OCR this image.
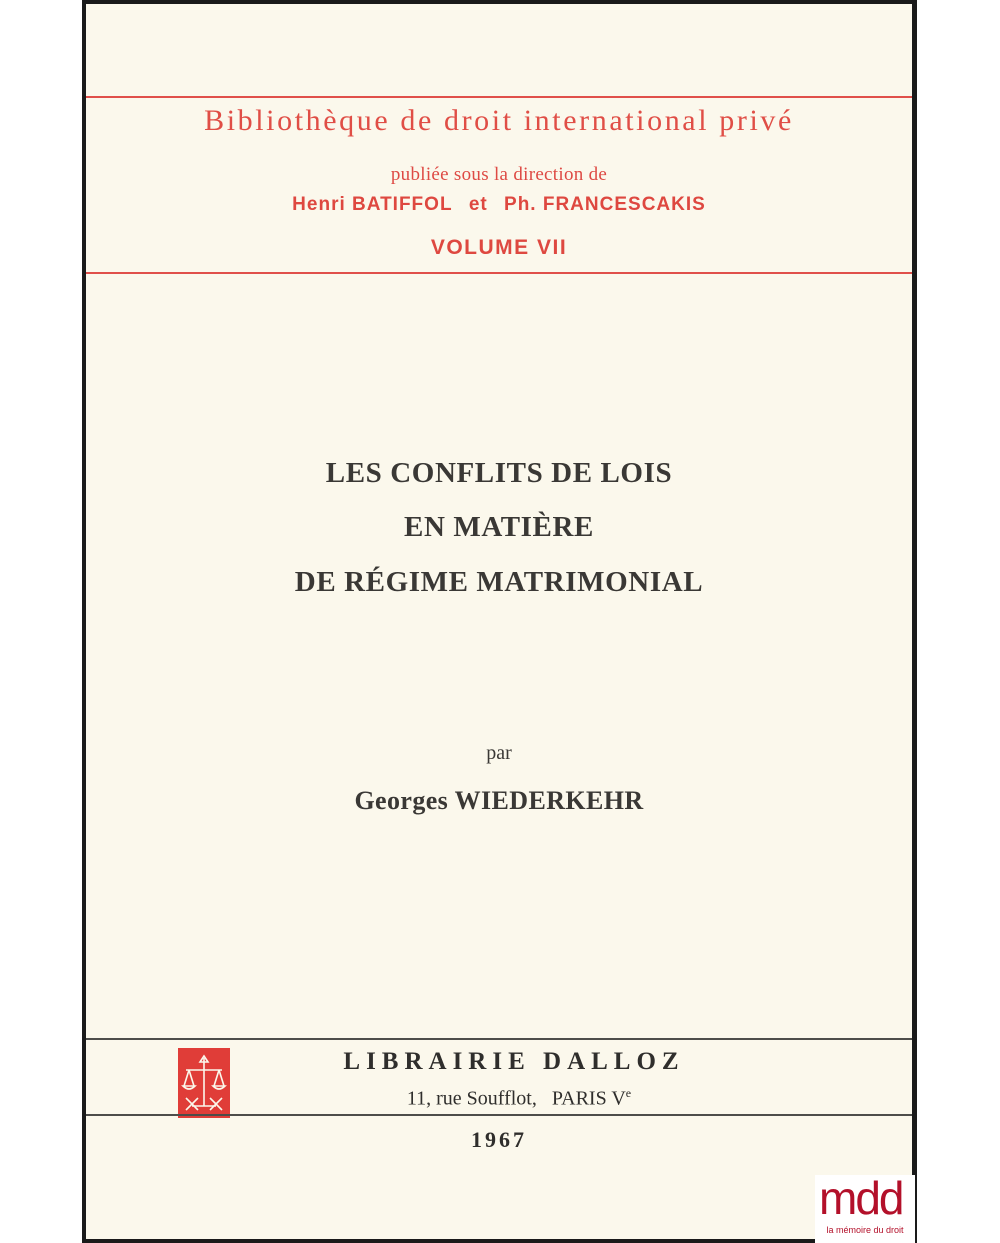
Bibliothèque de droit international privé
publiée sous la direction de
Henri BATIFFOL et Ph. FRANCESCAKIS
VOLUME VII
LES CONFLITS DE LOIS
EN MATIÈRE
DE RÉGIME MATRIMONIAL
par
Georges WIEDERKEHR
LIBRAIRIE DALLOZ
11, rue Soufflot, PARIS Ve
1967
mdd
la mémoire du droit
